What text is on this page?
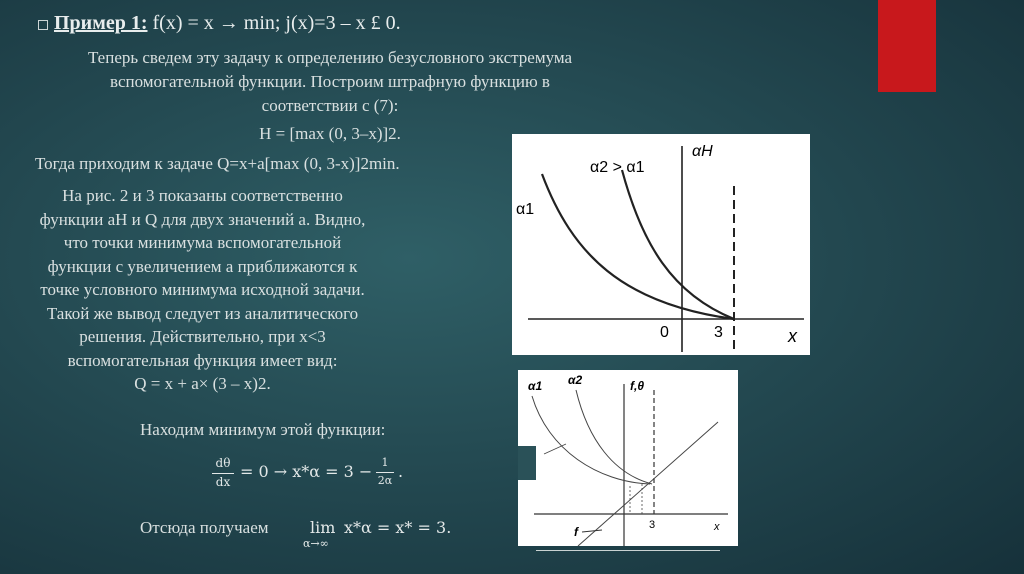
Пример 1: f(x) = x → min; j(x)=3 – x £ 0.
Теперь сведем эту задачу к определению безусловного экстремума
вспомогательной функции. Построим штрафную функцию в
соответствии с (7):
H = [max (0, 3–x)]2.
Тогда приходим к задаче Q=x+a[max (0, 3-x)]2min.
На рис. 2 и 3 показаны соответственно
функции aH и Q для двух значений a. Видно,
что точки минимума вспомогательной
функции с увеличением a приближаются к
точке условного минимума исходной задачи.
Такой же вывод следует из аналитического
решения. Действительно, при x<3
вспомогательная функция имеет вид:
Q = x + a× (3 – x)2.
Находим минимум этой функции:
dθ
dx
= 0 → x*α = 3 − 1
2α .
Отсюда получаем	lim
α→∞
x*α = x* = 3.
α1
α2 > α1
αH
x
0	3
α1 α2	f,θ
x
3
f
